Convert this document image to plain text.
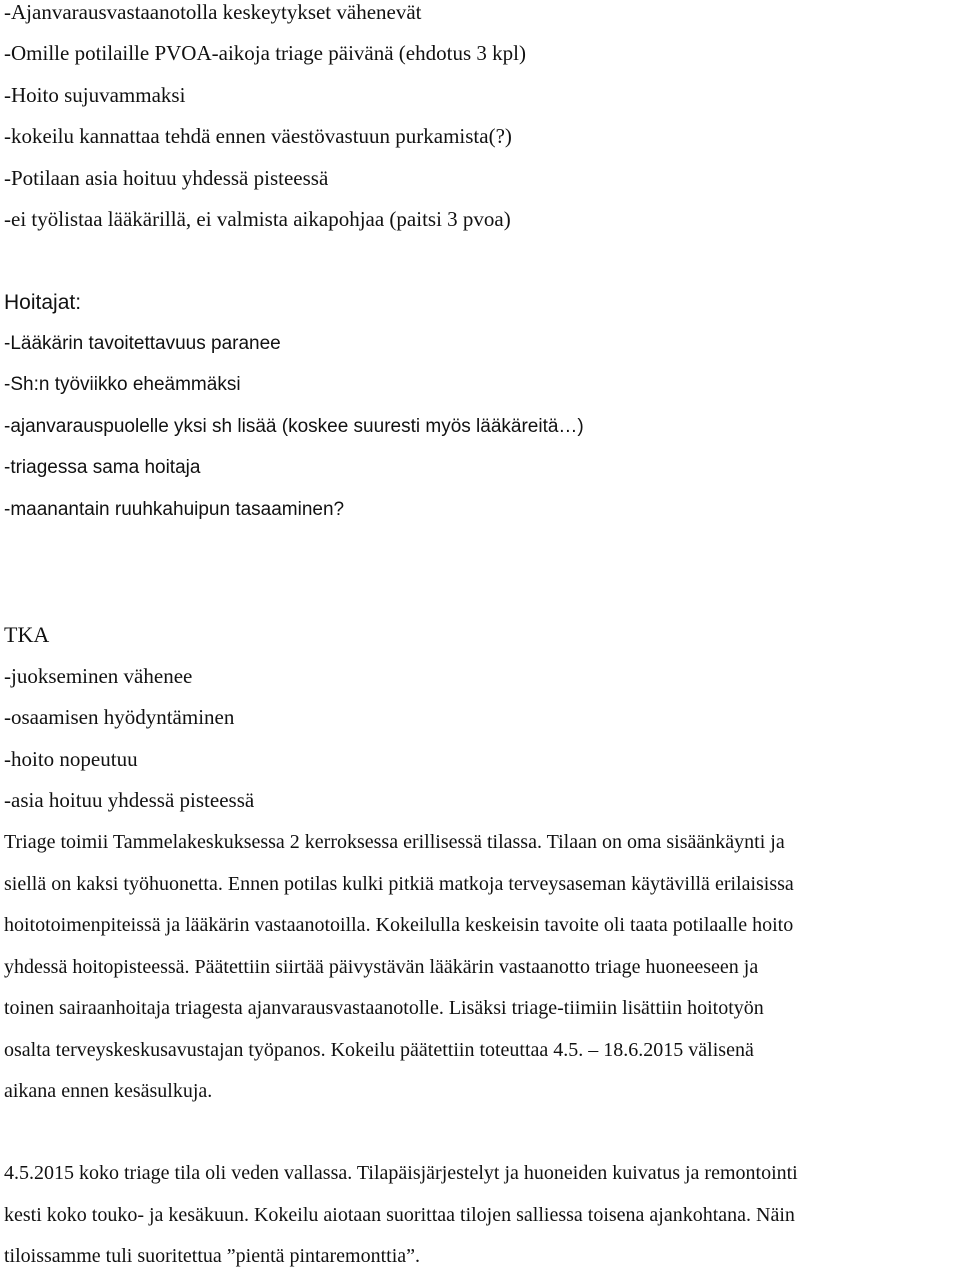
-Ajanvarausvastaanotolla keskeytykset vähenevät
-Omille potilaille PVOA-aikoja triage päivänä (ehdotus 3 kpl)
-Hoito sujuvammaksi
-kokeilu kannattaa tehdä ennen väestövastuun purkamista(?)
-Potilaan asia hoituu yhdessä pisteessä
-ei työlistaa lääkärillä, ei valmista aikapohjaa (paitsi 3 pvoa)
Hoitajat:
-Lääkärin tavoitettavuus paranee
-Sh:n työviikko eheämmäksi
-ajanvarauspuolelle yksi sh lisää (koskee suuresti myös lääkäreitä…)
-triagessa sama hoitaja
-maanantain ruuhkahuipun tasaaminen?
TKA
-juokseminen vähenee
-osaamisen hyödyntäminen
-hoito nopeutuu
-asia hoituu yhdessä pisteessä
Triage toimii Tammelakeskuksessa 2 kerroksessa erillisessä tilassa. Tilaan on oma sisäänkäynti ja
siellä on kaksi työhuonetta. Ennen potilas kulki pitkiä matkoja terveysaseman käytävillä erilaisissa
hoitotoimenpiteissä ja lääkärin vastaanotoilla. Kokeilulla keskeisin tavoite oli taata potilaalle hoito
yhdessä hoitopisteessä. Päätettiin siirtää päivystävän lääkärin vastaanotto triage huoneeseen ja
toinen sairaanhoitaja triagesta ajanvarausvastaanotolle. Lisäksi triage-tiimiin lisättiin hoitotyön
osalta terveyskeskusavustajan työpanos. Kokeilu päätettiin toteuttaa 4.5. – 18.6.2015 välisenä
aikana ennen kesäsulkuja.
4.5.2015 koko triage tila oli veden vallassa. Tilapäisjärjestelyt ja huoneiden kuivatus ja remontointi
kesti koko touko- ja kesäkuun. Kokeilu aiotaan suorittaa tilojen salliessa toisena ajankohtana. Näin
tiloissamme tuli suoritettua ”pientä pintaremonttia”.
